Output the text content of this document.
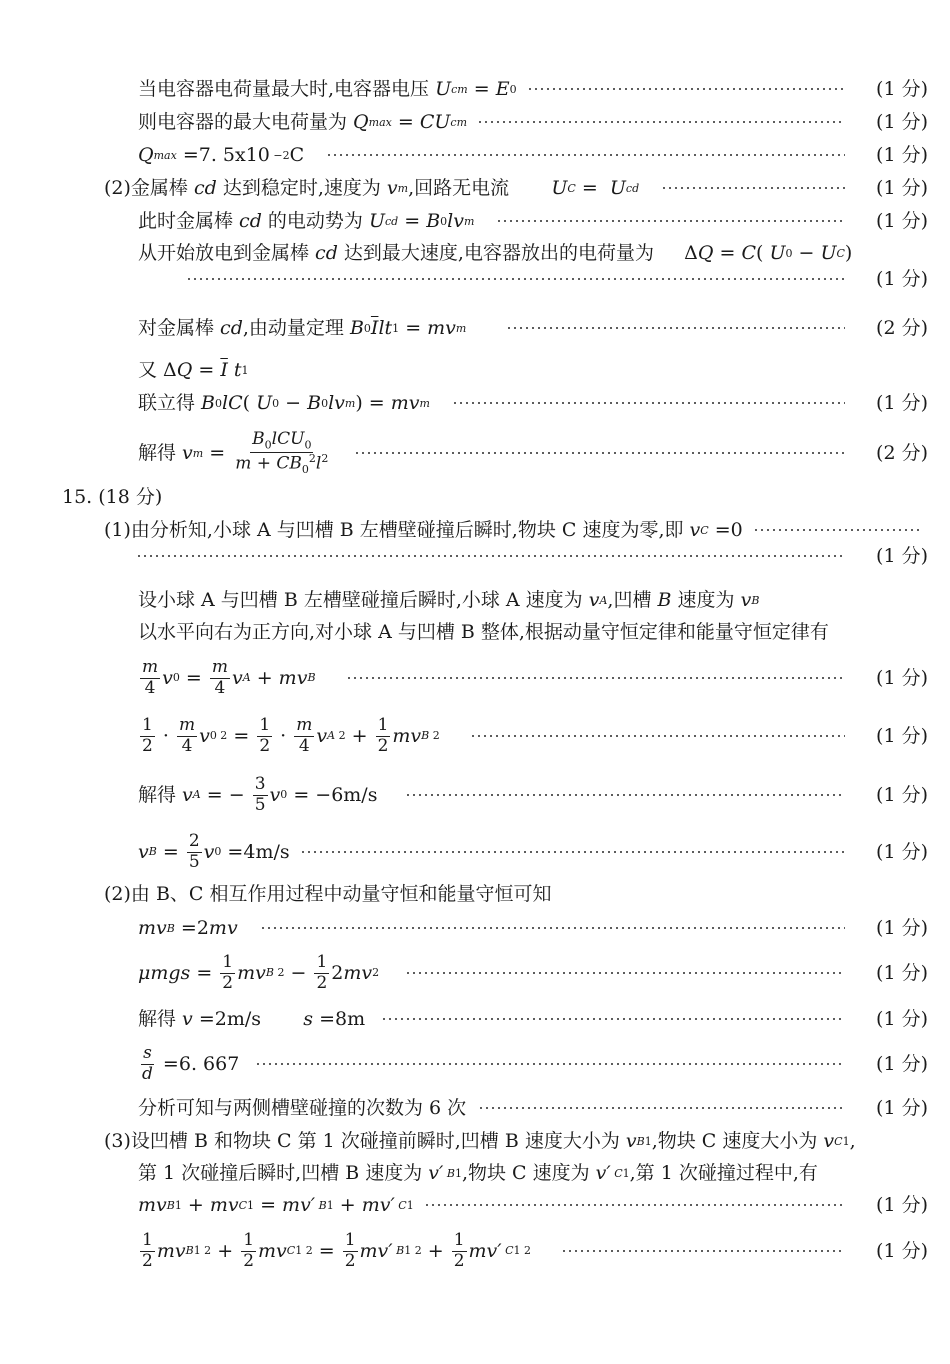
当电容器电荷量最大时,电容器电压 U cm = E 0	(1 分)
则电容器的最大电荷量为 Q max = CU cm	(1 分)
Q max =7. 5x10 −2 C	(1 分)
(2)金属棒 cd 达到稳定时,速度为 v m ,回路无电流 U C = U cd	(1 分)
此时金属棒 cd 的电动势为 U cd = B 0 lv m	(1 分)
从开始放电到金属棒 cd 达到最大速度,电容器放出的电荷量为     Δ Q = C ( U 0 − U C )
(1 分)
对金属棒 cd ,由动量定理 B 0 $\overline{I}$ lt 1 = mv m	(2 分)
又 Δ $Q = \overline{I}$
t 1
联立得 B 0 lC ( U 0 − B 0 lv m ) = mv m	(1 分)
解得 v m =
$B_0lCU_0$
$m + CB_0^2l^2$	(2 分)
15. (18 分)
(1)由分析知,小球 A 与凹槽 B 左槽壁碰撞后瞬时,物块 C 速度为零,即 v C =0
(1 分)
设小球 A 与凹槽 B 左槽壁碰撞后瞬时,小球 A 速度为 v A ,凹槽 B 速度为 v B
以水平向右为正方向,对小球 A 与凹槽 B 整体,根据动量守恒定律和能量守恒定律有
m
4 v 0 = m
4 v A + mv B	(1 分)
1
2 · m
4 v 0 2 = 1
2 · m
4 v A 2 + 1
2 mv B 2	(1 分)
解得 v A = − 3
5 v 0 = −6m/s	(1 分)
v B = 2
5 v 0 =4m/s	(1 分)
(2)由 B、C 相互作用过程中动量守恒和能量守恒可知
mv B =2 mv	(1 分)
μmgs = 1
2 mv B 2 − 1
2 2 mv 2	(1 分)
解得 v =2m/s s =8m	(1 分)
s
d =6. 667	(1 分)
分析可知与两侧槽壁碰撞的次数为 6 次	(1 分)
(3)设凹槽 B 和物块 C 第 1 次碰撞前瞬时,凹槽 B 速度大小为 v B1 ,物块 C 速度大小为 v C1 ,
第 1 次碰撞后瞬时,凹槽 B 速度为 v′ B1 ,物块 C 速度为 v′ C1 ,第 1 次碰撞过程中,有
mv B1 + mv C1 = mv′ B1 + mv′ C1	(1 分)
1
2 mv B1 2 + 1
2 mv C1 2 = 1
2 mv′ B1 2 + 1
2 mv′ C1 2	(1 分)
